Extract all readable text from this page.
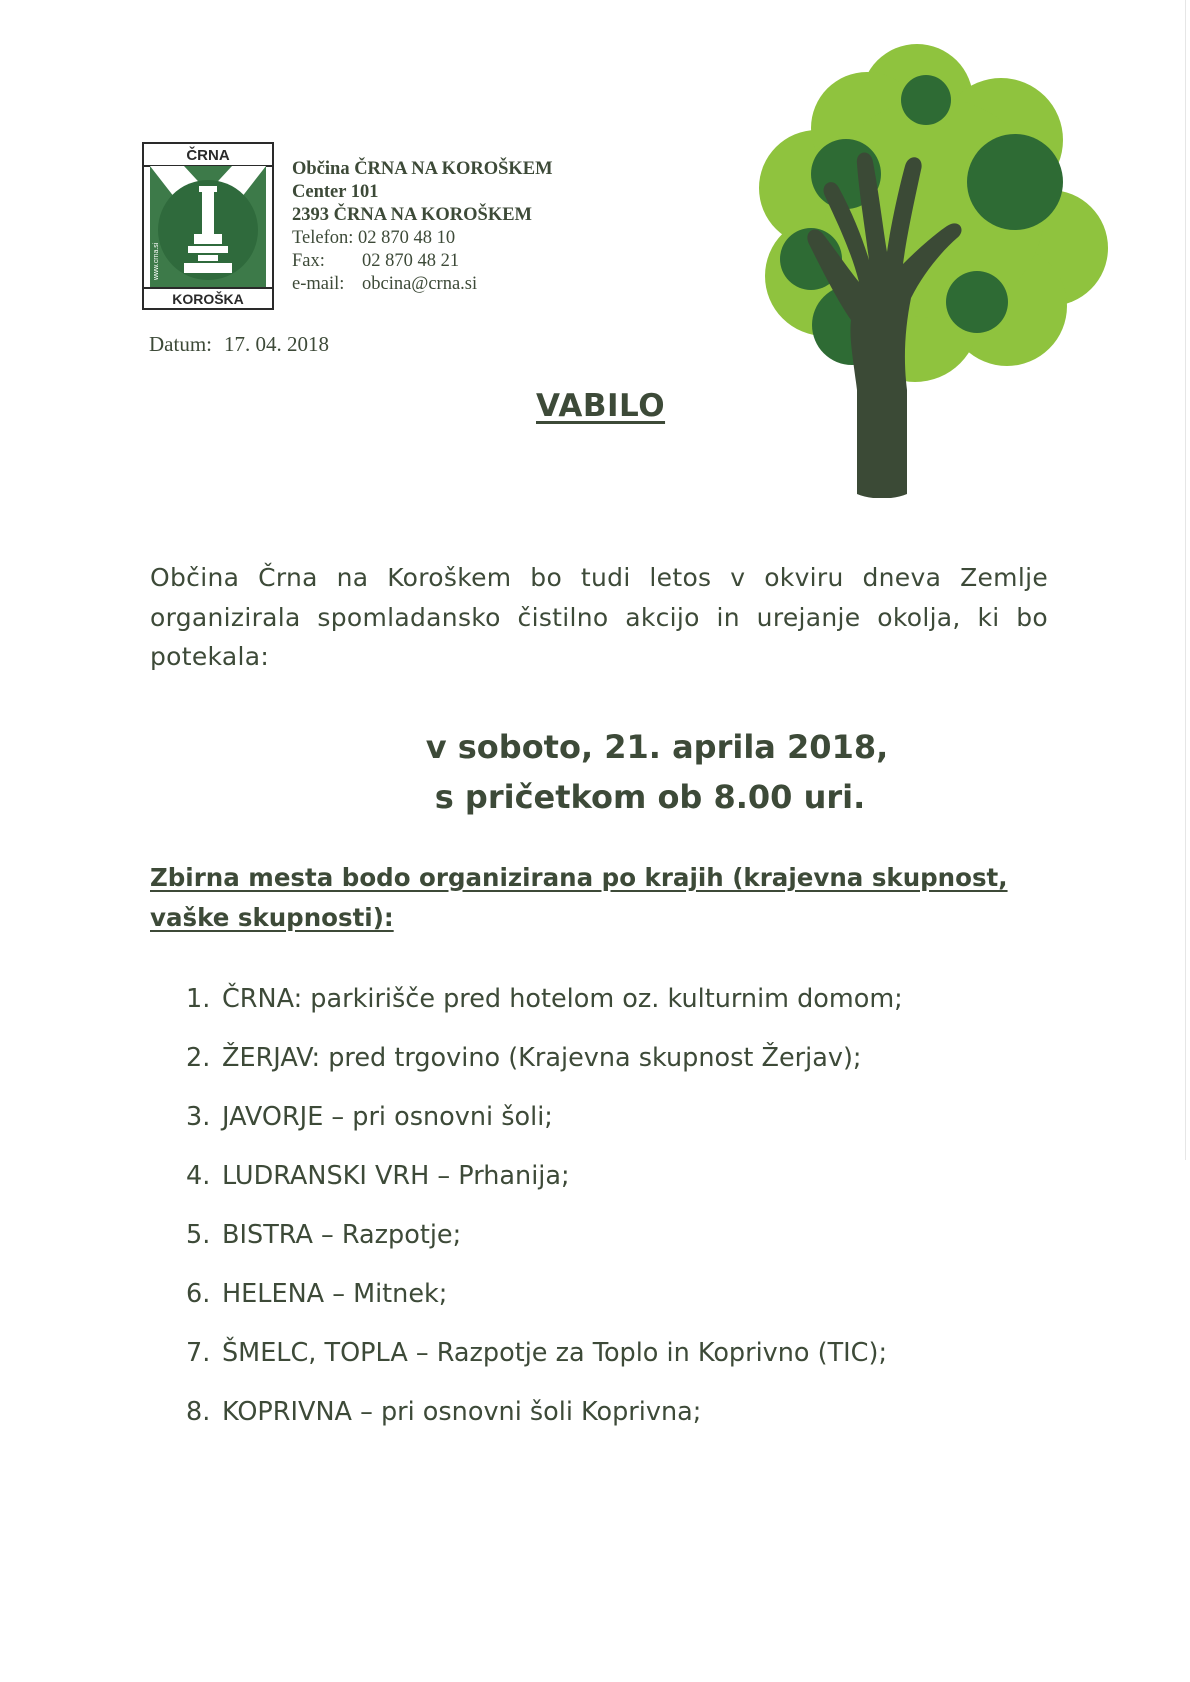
ČRNA
www.crna.si
KOROŠKA
Občina ČRNA NA KOROŠKEM
Center 101
2393 ČRNA NA KOROŠKEM
Telefon: 02 870 48 10
Fax: 02 870 48 21
e-mail: obcina@crna.si
Datum: 17. 04. 2018
VABILO
Občina Črna na Koroškem bo tudi letos v okviru dneva Zemlje organizirala spomladansko čistilno akcijo in urejanje okolja, ki bo potekala:
v soboto, 21. aprila 2018,
s pričetkom ob 8.00 uri.
Zbirna mesta bodo organizirana po krajih (krajevna skupnost, vaške skupnosti):
1. ČRNA: parkirišče pred hotelom oz. kulturnim domom;
2. ŽERJAV: pred trgovino (Krajevna skupnost Žerjav);
3. JAVORJE – pri osnovni šoli;
4. LUDRANSKI VRH – Prhanija;
5. BISTRA – Razpotje;
6. HELENA – Mitnek;
7. ŠMELC, TOPLA – Razpotje za Toplo in Koprivno (TIC);
8. KOPRIVNA – pri osnovni šoli Koprivna;
